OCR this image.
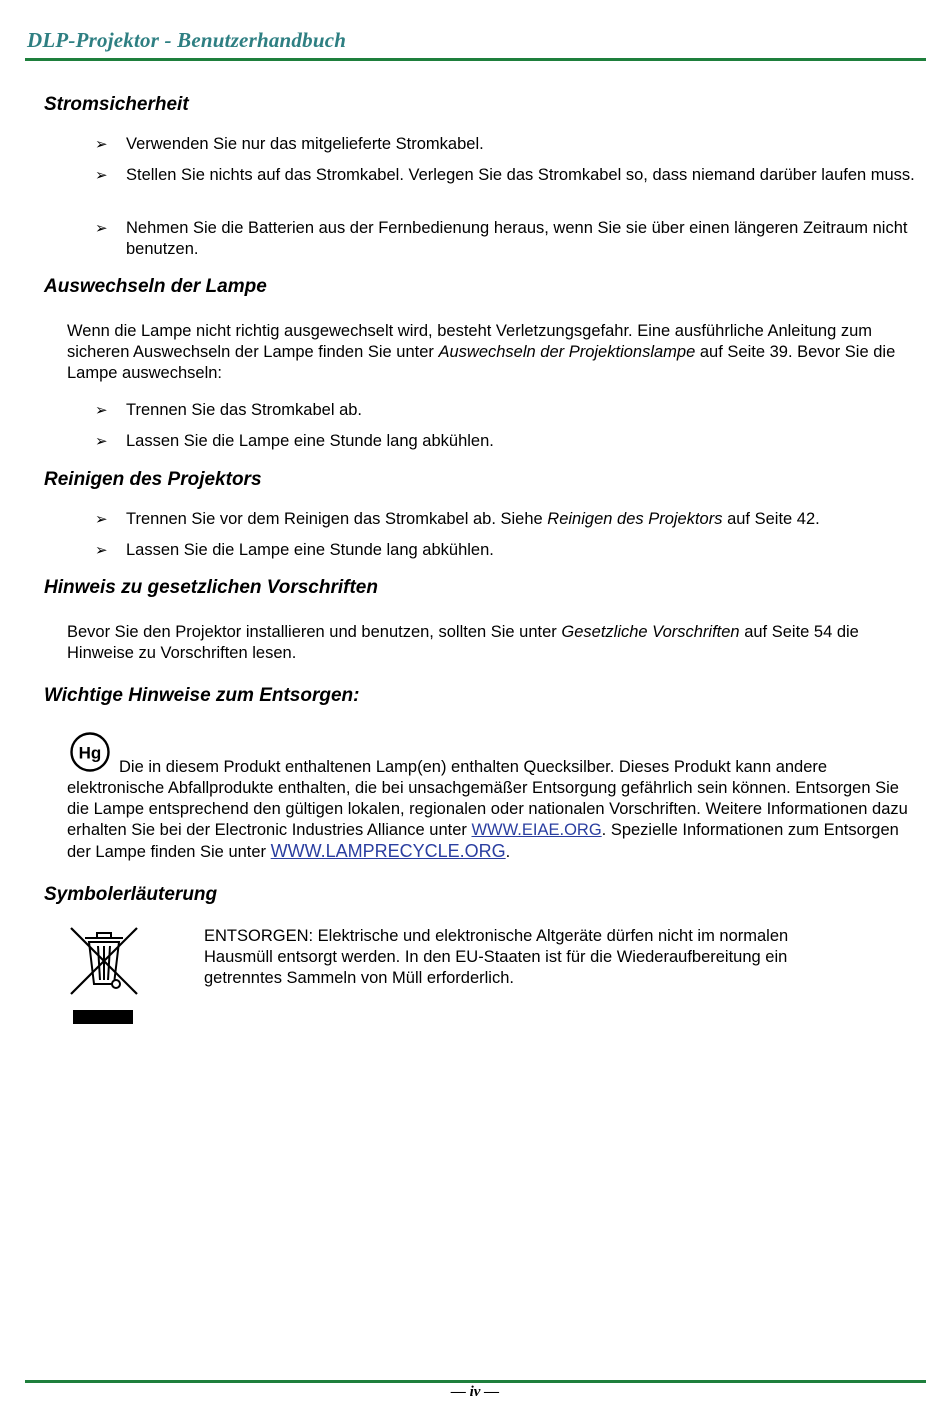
DLP-Projektor - Benutzerhandbuch
Stromsicherheit
➢ Verwenden Sie nur das mitgelieferte Stromkabel.
➢ Stellen Sie nichts auf das Stromkabel. Verlegen Sie das Stromkabel so, dass niemand darüber laufen muss.
➢ Nehmen Sie die Batterien aus der Fernbedienung heraus, wenn Sie sie über einen längeren Zeitraum nicht benutzen.
Auswechseln der Lampe
Wenn die Lampe nicht richtig ausgewechselt wird, besteht Verletzungsgefahr. Eine ausführliche Anleitung zum sicheren Auswechseln der Lampe finden Sie unter Auswechseln der Projektionslampe auf Seite 39. Bevor Sie die Lampe auswechseln:
➢ Trennen Sie das Stromkabel ab.
➢ Lassen Sie die Lampe eine Stunde lang abkühlen.
Reinigen des Projektors
➢ Trennen Sie vor dem Reinigen das Stromkabel ab. Siehe Reinigen des Projektors auf Seite 42.
➢ Lassen Sie die Lampe eine Stunde lang abkühlen.
Hinweis zu gesetzlichen Vorschriften
Bevor Sie den Projektor installieren und benutzen, sollten Sie unter Gesetzliche Vorschriften auf Seite 54 die Hinweise zu Vorschriften lesen.
Wichtige Hinweise zum Entsorgen:
Hg
Die in diesem Produkt enthaltenen Lamp(en) enthalten Quecksilber. Dieses Produkt kann andere elektronische Abfallprodukte enthalten, die bei unsachgemäßer Entsorgung gefährlich sein können. Entsorgen Sie die Lampe entsprechend den gültigen lokalen, regionalen oder nationalen Vorschriften. Weitere Informationen dazu erhalten Sie bei der Electronic Industries Alliance unter WWW.EIAE.ORG. Spezielle Informationen zum Entsorgen der Lampe finden Sie unter WWW.LAMPRECYCLE.ORG.
Symbolerläuterung
ENTSORGEN: Elektrische und elektronische Altgeräte dürfen nicht im normalen Hausmüll entsorgt werden. In den EU-Staaten ist für die Wiederaufbereitung ein getrenntes Sammeln von Müll erforderlich.
— iv —
